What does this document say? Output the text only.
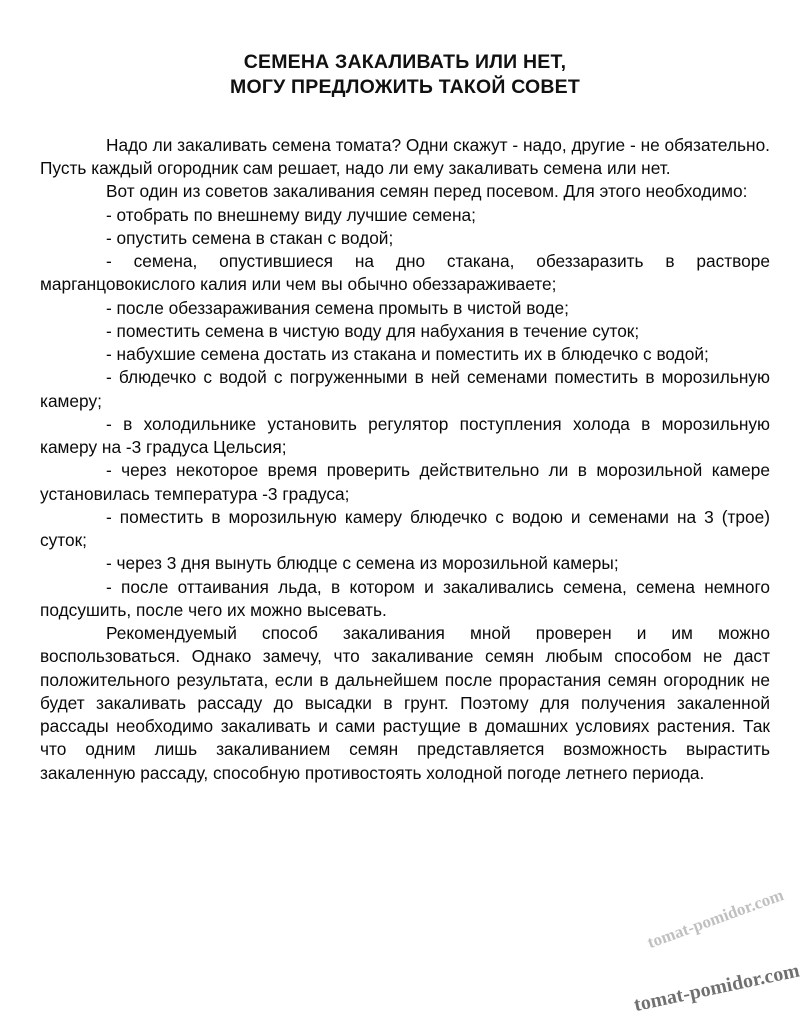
СЕМЕНА ЗАКАЛИВАТЬ ИЛИ НЕТ,
МОГУ ПРЕДЛОЖИТЬ ТАКОЙ СОВЕТ

Надо ли закаливать семена томата? Одни скажут - надо, другие - не обязательно. Пусть каждый огородник сам решает, надо ли ему закаливать семена или нет.

Вот один из советов закаливания семян перед посевом. Для этого необходимо:

- отобрать по внешнему виду лучшие семена;

- опустить семена в стакан с водой;

- семена, опустившиеся на дно стакана, обеззаразить в растворе марганцовокислого калия или чем вы обычно обеззараживаете;

- после обеззараживания семена промыть в чистой воде;

- поместить семена в чистую воду для набухания в течение суток;

- набухшие семена достать из стакана и поместить их в блюдечко с водой;

- блюдечко с водой с погруженными в ней семенами поместить в морозильную камеру;

- в холодильнике установить регулятор поступления холода в морозильную камеру на -3 градуса Цельсия;

- через некоторое время проверить действительно ли в морозильной камере установилась температура -3 градуса;

- поместить в морозильную камеру блюдечко с водою и семенами на 3 (трое) суток;

- через 3 дня вынуть блюдце с семена из морозильной камеры;

- после оттаивания льда, в котором и закаливались семена, семена немного подсушить, после чего их можно высевать.

Рекомендуемый способ закаливания мной проверен и им можно воспользоваться. Однако замечу, что закаливание семян любым способом не даст положительного результата, если в дальнейшем после прорастания семян огородник не будет закаливать рассаду до высадки в грунт. Поэтому для получения закаленной рассады необходимо закаливать и сами растущие в домашних условиях растения. Так что одним лишь закаливанием семян представляется возможность вырастить закаленную рассаду, способную противостоять холодной погоде летнего периода.

tomat-pomidor.com
tomat-pomidor.com
